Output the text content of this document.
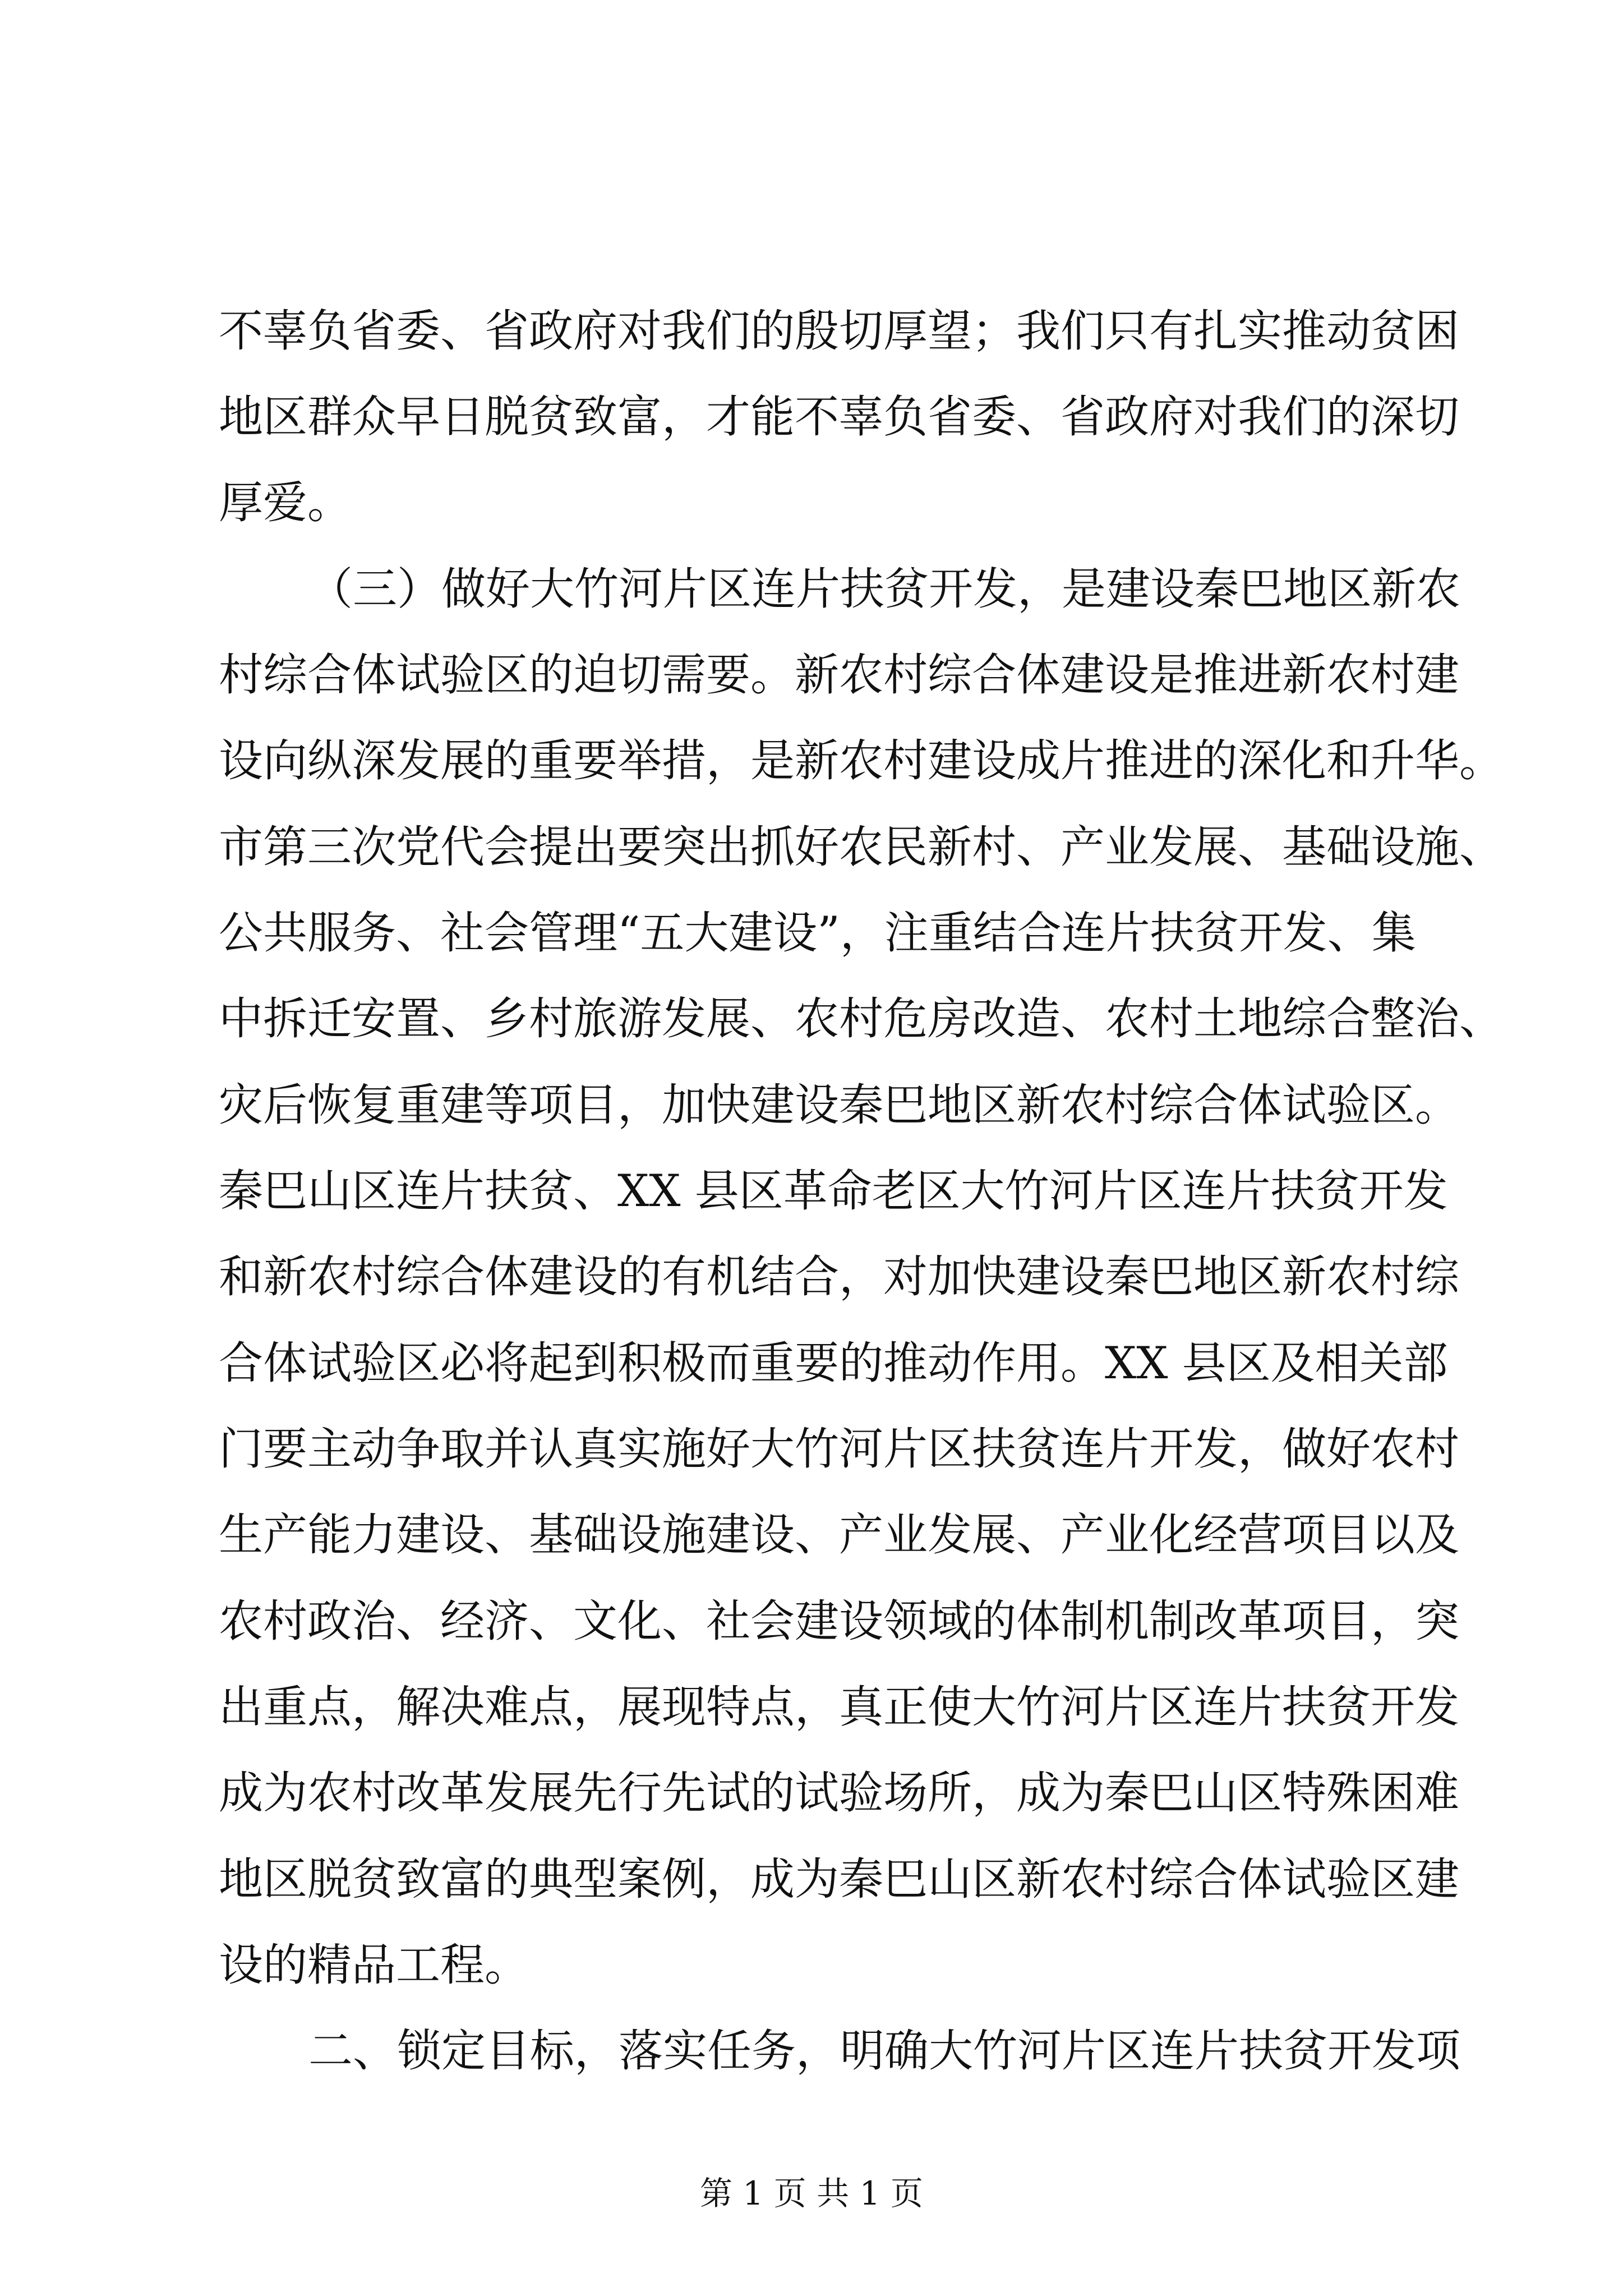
不辜负省委、省政府对我们的殷切厚望；我们只有扎实推动贫困
地区群众早日脱贫致富，才能不辜负省委、省政府对我们的深切
厚爱。
（三）做好大竹河片区连片扶贫开发，是建设秦巴地区新农
村综合体试验区的迫切需要。新农村综合体建设是推进新农村建
设向纵深发展的重要举措，是新农村建设成片推进的深化和升华。
市第三次党代会提出要突出抓好农民新村、产业发展、基础设施、
公共服务、社会管理“五大建设”，注重结合连片扶贫开发、集
中拆迁安置、乡村旅游发展、农村危房改造、农村土地综合整治、
灾后恢复重建等项目，加快建设秦巴地区新农村综合体试验区。
秦巴山区连片扶贫、XX 县区革命老区大竹河片区连片扶贫开发
和新农村综合体建设的有机结合，对加快建设秦巴地区新农村综
合体试验区必将起到积极而重要的推动作用。XX 县区及相关部
门要主动争取并认真实施好大竹河片区扶贫连片开发，做好农村
生产能力建设、基础设施建设、产业发展、产业化经营项目以及
农村政治、经济、文化、社会建设领域的体制机制改革项目，突
出重点，解决难点，展现特点，真正使大竹河片区连片扶贫开发
成为农村改革发展先行先试的试验场所，成为秦巴山区特殊困难
地区脱贫致富的典型案例，成为秦巴山区新农村综合体试验区建
设的精品工程。
二、锁定目标，落实任务，明确大竹河片区连片扶贫开发项
第 1 页 共 1 页
